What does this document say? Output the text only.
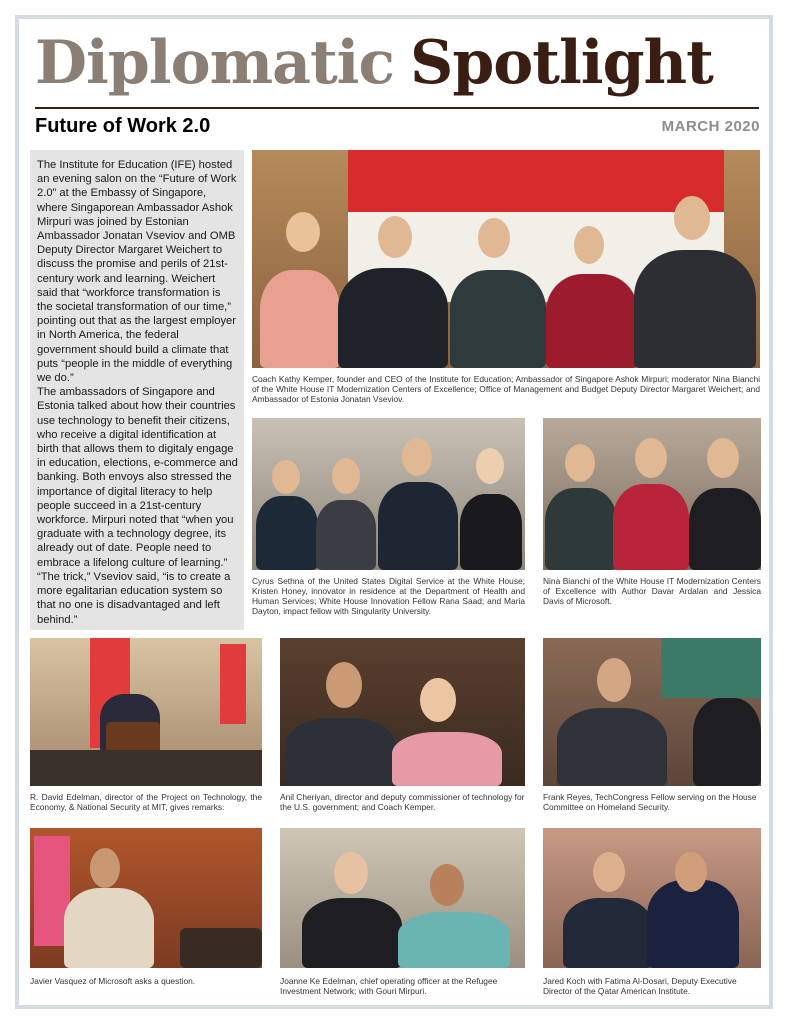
Diplomatic Spotlight
Future of Work 2.0	MARCH 2020

The Institute for Education (IFE) hosted an evening salon on the “Future of Work 2.0” at the Embassy of Singapore, where Singaporean Ambassador Ashok Mirpuri was joined by Estonian Ambassador Jonatan Vseviov and OMB Deputy Director Margaret Weichert to discuss the promise and perils of 21st-century work and learning. Weichert said that “workforce transformation is the societal transformation of our time,” pointing out that as the largest employer in North America, the federal government should build a climate that puts “people in the middle of everything we do.”

The ambassadors of Singapore and Estonia talked about how their countries use technology to benefit their citizens, who receive a digital identification at birth that allows them to digitaly engage in education, elections, e-commerce and banking. Both envoys also stressed the importance of digital literacy to help people succeed in a 21st-century workforce. Mirpuri noted that “when you graduate with a technology degree, its already out of date. People need to embrace a lifelong culture of learning.” “The trick,” Vseviov said, “is to create a more egalitarian education system so that no one is disadvantaged and left behind.”

Coach Kathy Kemper, founder and CEO of the Institute for Education; Ambassador of Singapore Ashok Mirpuri; moderator Nina Bianchi of the White House IT Modernization Centers of Excellence; Office of Management and Budget Deputy Director Margaret Weichert; and Ambassador of Estonia Jonatan Vseviov.
Cyrus Sethna of the United States Digital Service at the White House; Kristen Honey, innovator in residence at the Department of Health and Human Services; White House Innovation Fellow Rana Saad; and Maria Dayton, impact fellow with Singularity University.
Nina Bianchi of the White House IT Modernization Centers of Excellence with Author Davar Ardalan and Jessica Davis of Microsoft.
R. David Edelman, director of the Project on Technology, the Economy, & National Security at MIT, gives remarks.
Anil Cheriyan, director and deputy commissioner of technology for the U.S. government; and Coach Kemper.
Frank Reyes, TechCongress Fellow serving on the House Committee on Homeland Security.
Javier Vasquez of Microsoft asks a question.	Joanne Ke Edelman, chief operating officer at the Refugee Investment Network; with Gouri Mirpuri.
Jared Koch with Fatima Al-Dosari, Deputy Executive Director of the Qatar American Institute.
